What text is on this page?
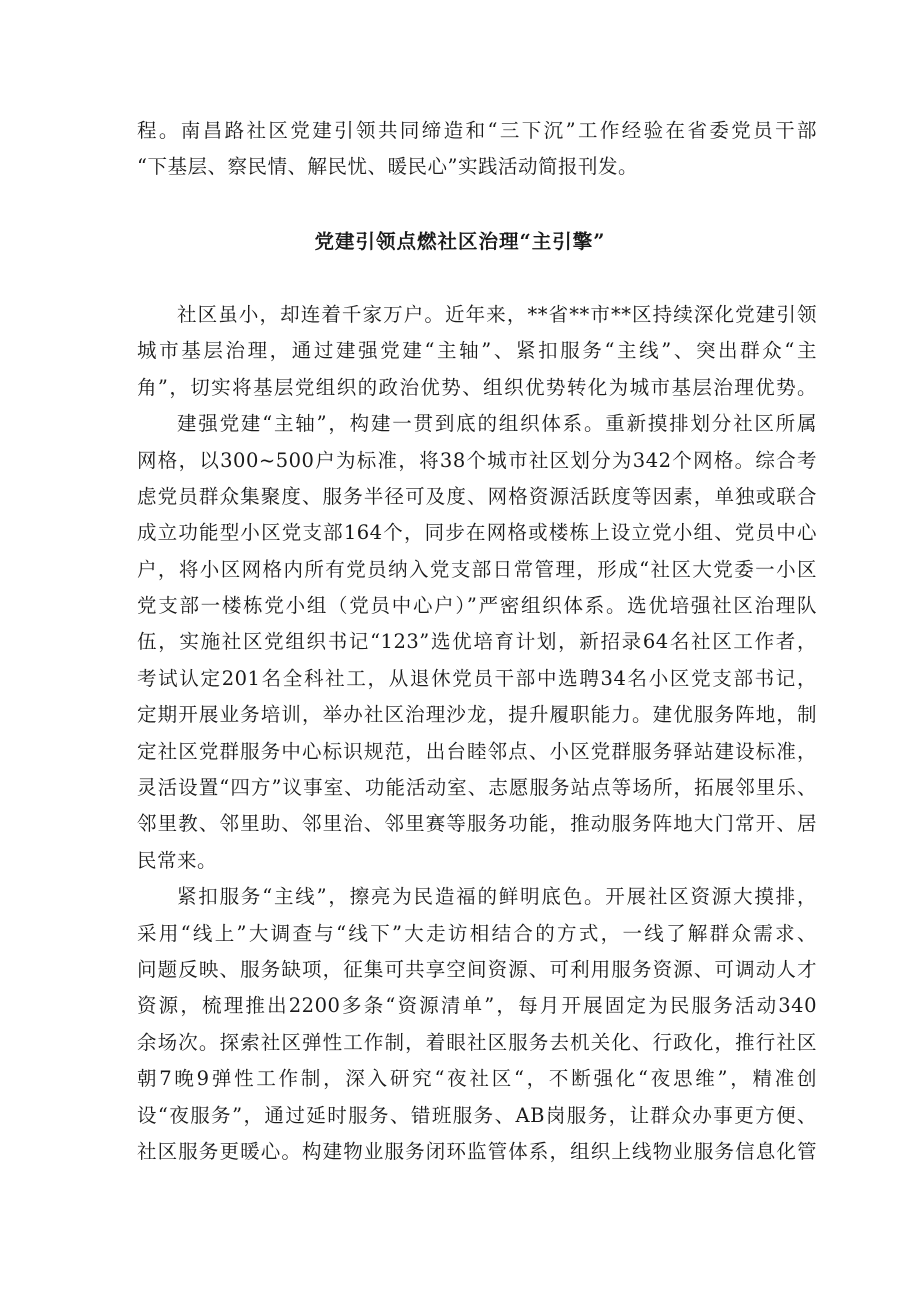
程。南昌路社区党建引领共同缔造和“三下沉”工作经验在省委党员干部
“下基层、察民情、解民忧、暖民心”实践活动简报刊发。
党建引领点燃社区治理“主引擎”
社区虽小，却连着千家万户。近年来，**省**市**区持续深化党建引领
城市基层治理，通过建强党建“主轴”、紧扣服务“主线”、突出群众“主
角”，切实将基层党组织的政治优势、组织优势转化为城市基层治理优势。
建强党建“主轴”，构建一贯到底的组织体系。重新摸排划分社区所属
网格，以300~500户为标准，将38个城市社区划分为342个网格。综合考
虑党员群众集聚度、服务半径可及度、网格资源活跃度等因素，单独或联合
成立功能型小区党支部164个，同步在网格或楼栋上设立党小组、党员中心
户，将小区网格内所有党员纳入党支部日常管理，形成“社区大党委一小区
党支部一楼栋党小组（党员中心户）”严密组织体系。选优培强社区治理队
伍，实施社区党组织书记“123”选优培育计划，新招录64名社区工作者，
考试认定201名全科社工，从退休党员干部中选聘34名小区党支部书记，
定期开展业务培训，举办社区治理沙龙，提升履职能力。建优服务阵地，制
定社区党群服务中心标识规范，出台睦邻点、小区党群服务驿站建设标准，
灵活设置“四方”议事室、功能活动室、志愿服务站点等场所，拓展邻里乐、
邻里教、邻里助、邻里治、邻里赛等服务功能，推动服务阵地大门常开、居
民常来。
紧扣服务“主线”，擦亮为民造福的鲜明底色。开展社区资源大摸排，
采用“线上”大调查与“线下”大走访相结合的方式，一线了解群众需求、
问题反映、服务缺项，征集可共享空间资源、可利用服务资源、可调动人才
资源，梳理推出2200多条“资源清单”，每月开展固定为民服务活动340
余场次。探索社区弹性工作制，着眼社区服务去机关化、行政化，推行社区
朝7晚9弹性工作制，深入研究“夜社区“，不断强化“夜思维”，精准创
设“夜服务”，通过延时服务、错班服务、AB岗服务，让群众办事更方便、
社区服务更暖心。构建物业服务闭环监管体系，组织上线物业服务信息化管
